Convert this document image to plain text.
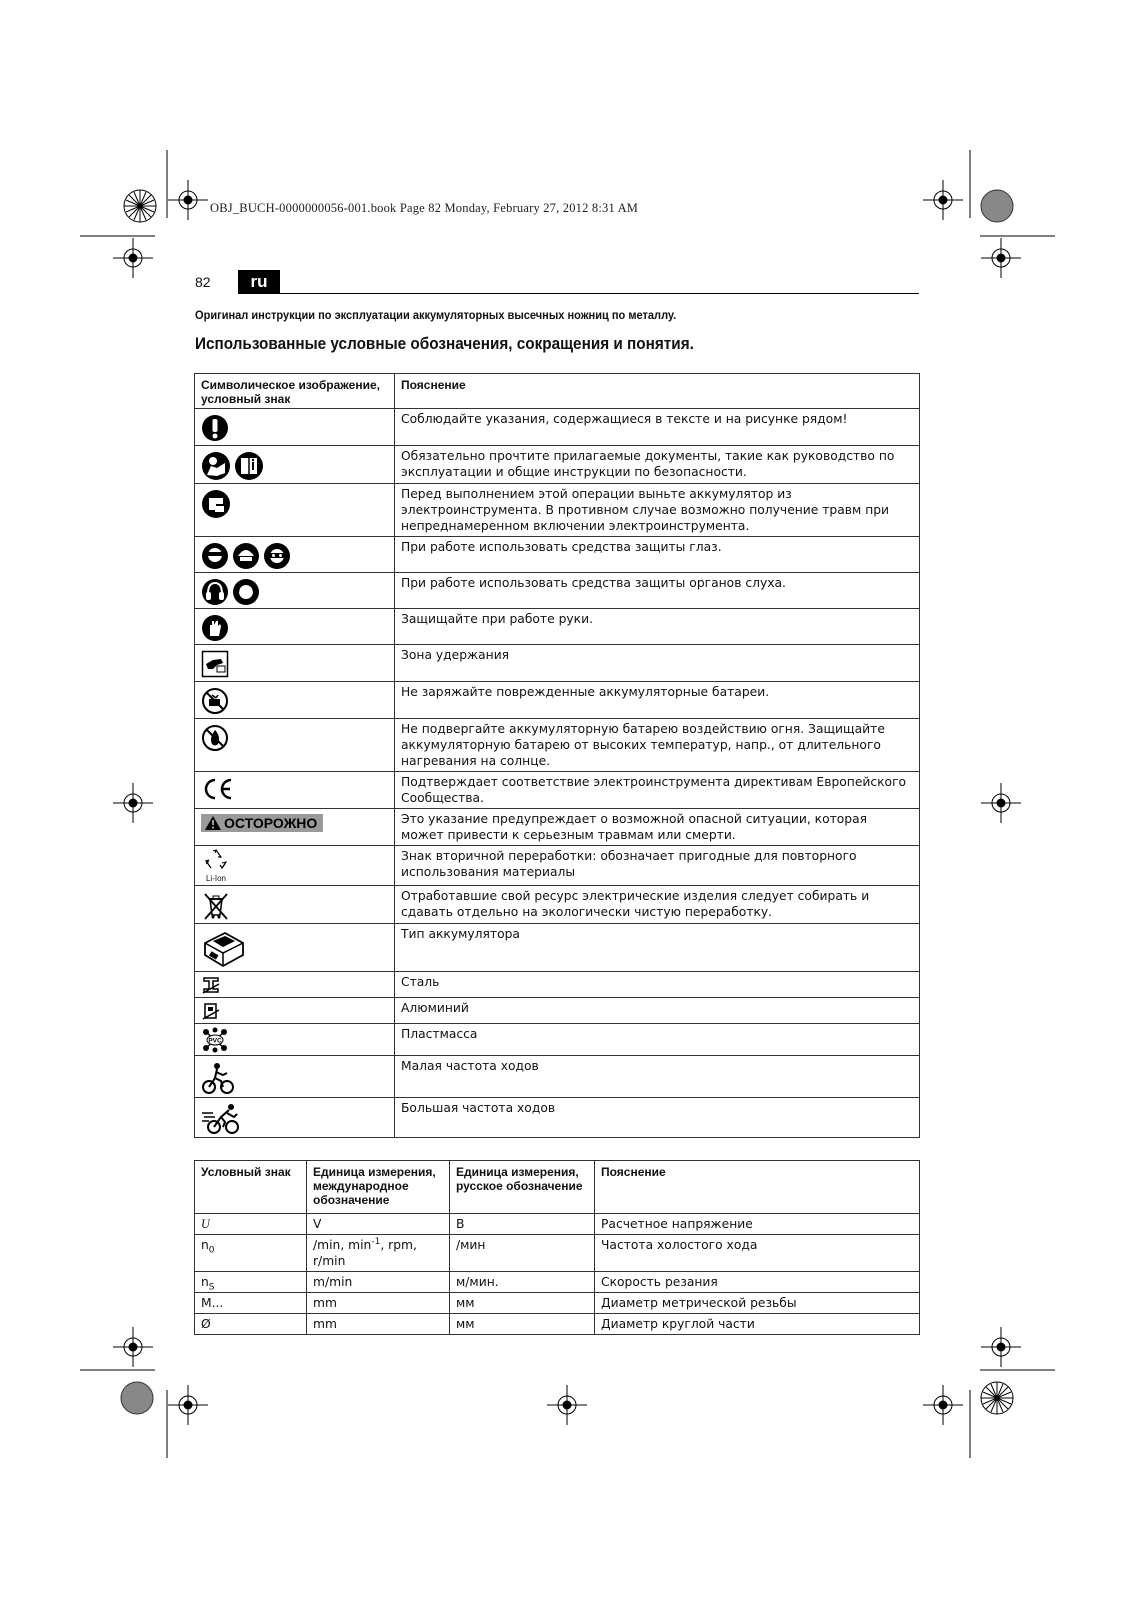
OBJ_BUCH-0000000056-001.book Page 82 Monday, February 27, 2012 8:31 AM
82	ru
Оригинал инструкции по эксплуатации аккумуляторных высечных ножниц по металлу.
Использованные условные обозначения, сокращения и понятия.
Символическое изображение, условный знак	Пояснение

	Соблюдайте указания, содержащиеся в тексте и на рисунке рядом!

	Обязательно прочтите прилагаемые документы, такие как руководство по эксплуатации и общие инструкции по безопасности.

	Перед выполнением этой операции выньте аккумулятор из электроинструмента. В противном случае возможно получение травм при непреднамеренном включении электроинструмента.

	При работе использовать средства защиты глаз.

	При работе использовать средства защиты органов слуха.

	Защищайте при работе руки.

	Зона удержания

	Не заряжайте поврежденные аккумуляторные батареи.

	Не подвергайте аккумуляторную батарею воздействию огня. Защищайте аккумуляторную батарею от высоких температур, напр., от длительного нагревания на солнце.

	Подтверждает соответствие электроинструмента директивам Европейского Сообщества.

ОСТОРОЖНО	Это указание предупреждает о возможной опасной ситуации, которая может привести к серьезным травмам или смерти.

Li-Ion	Знак вторичной переработки: обозначает пригодные для повторного использования материалы

	Отработавшие свой ресурс электрические изделия следует собирать и сдавать отдельно на экологически чистую переработку.

	Тип аккумулятора

	Сталь

	Алюминий

PVC	Пластмасса

	Малая частота ходов

	Большая частота ходов
Условный знак	Единица измерения, международное обозначение	Единица измерения, русское обозначение	Пояснение
U	V	В	Расчетное напряжение
$n_0$	/min, $\min^{-1}$, rpm, r/min	/мин	Частота холостого хода
$n_S$	m/min	м/мин.	Скорость резания
M...	mm	мм	Диаметр метрической резьбы
Ø	mm	мм	Диаметр круглой части
